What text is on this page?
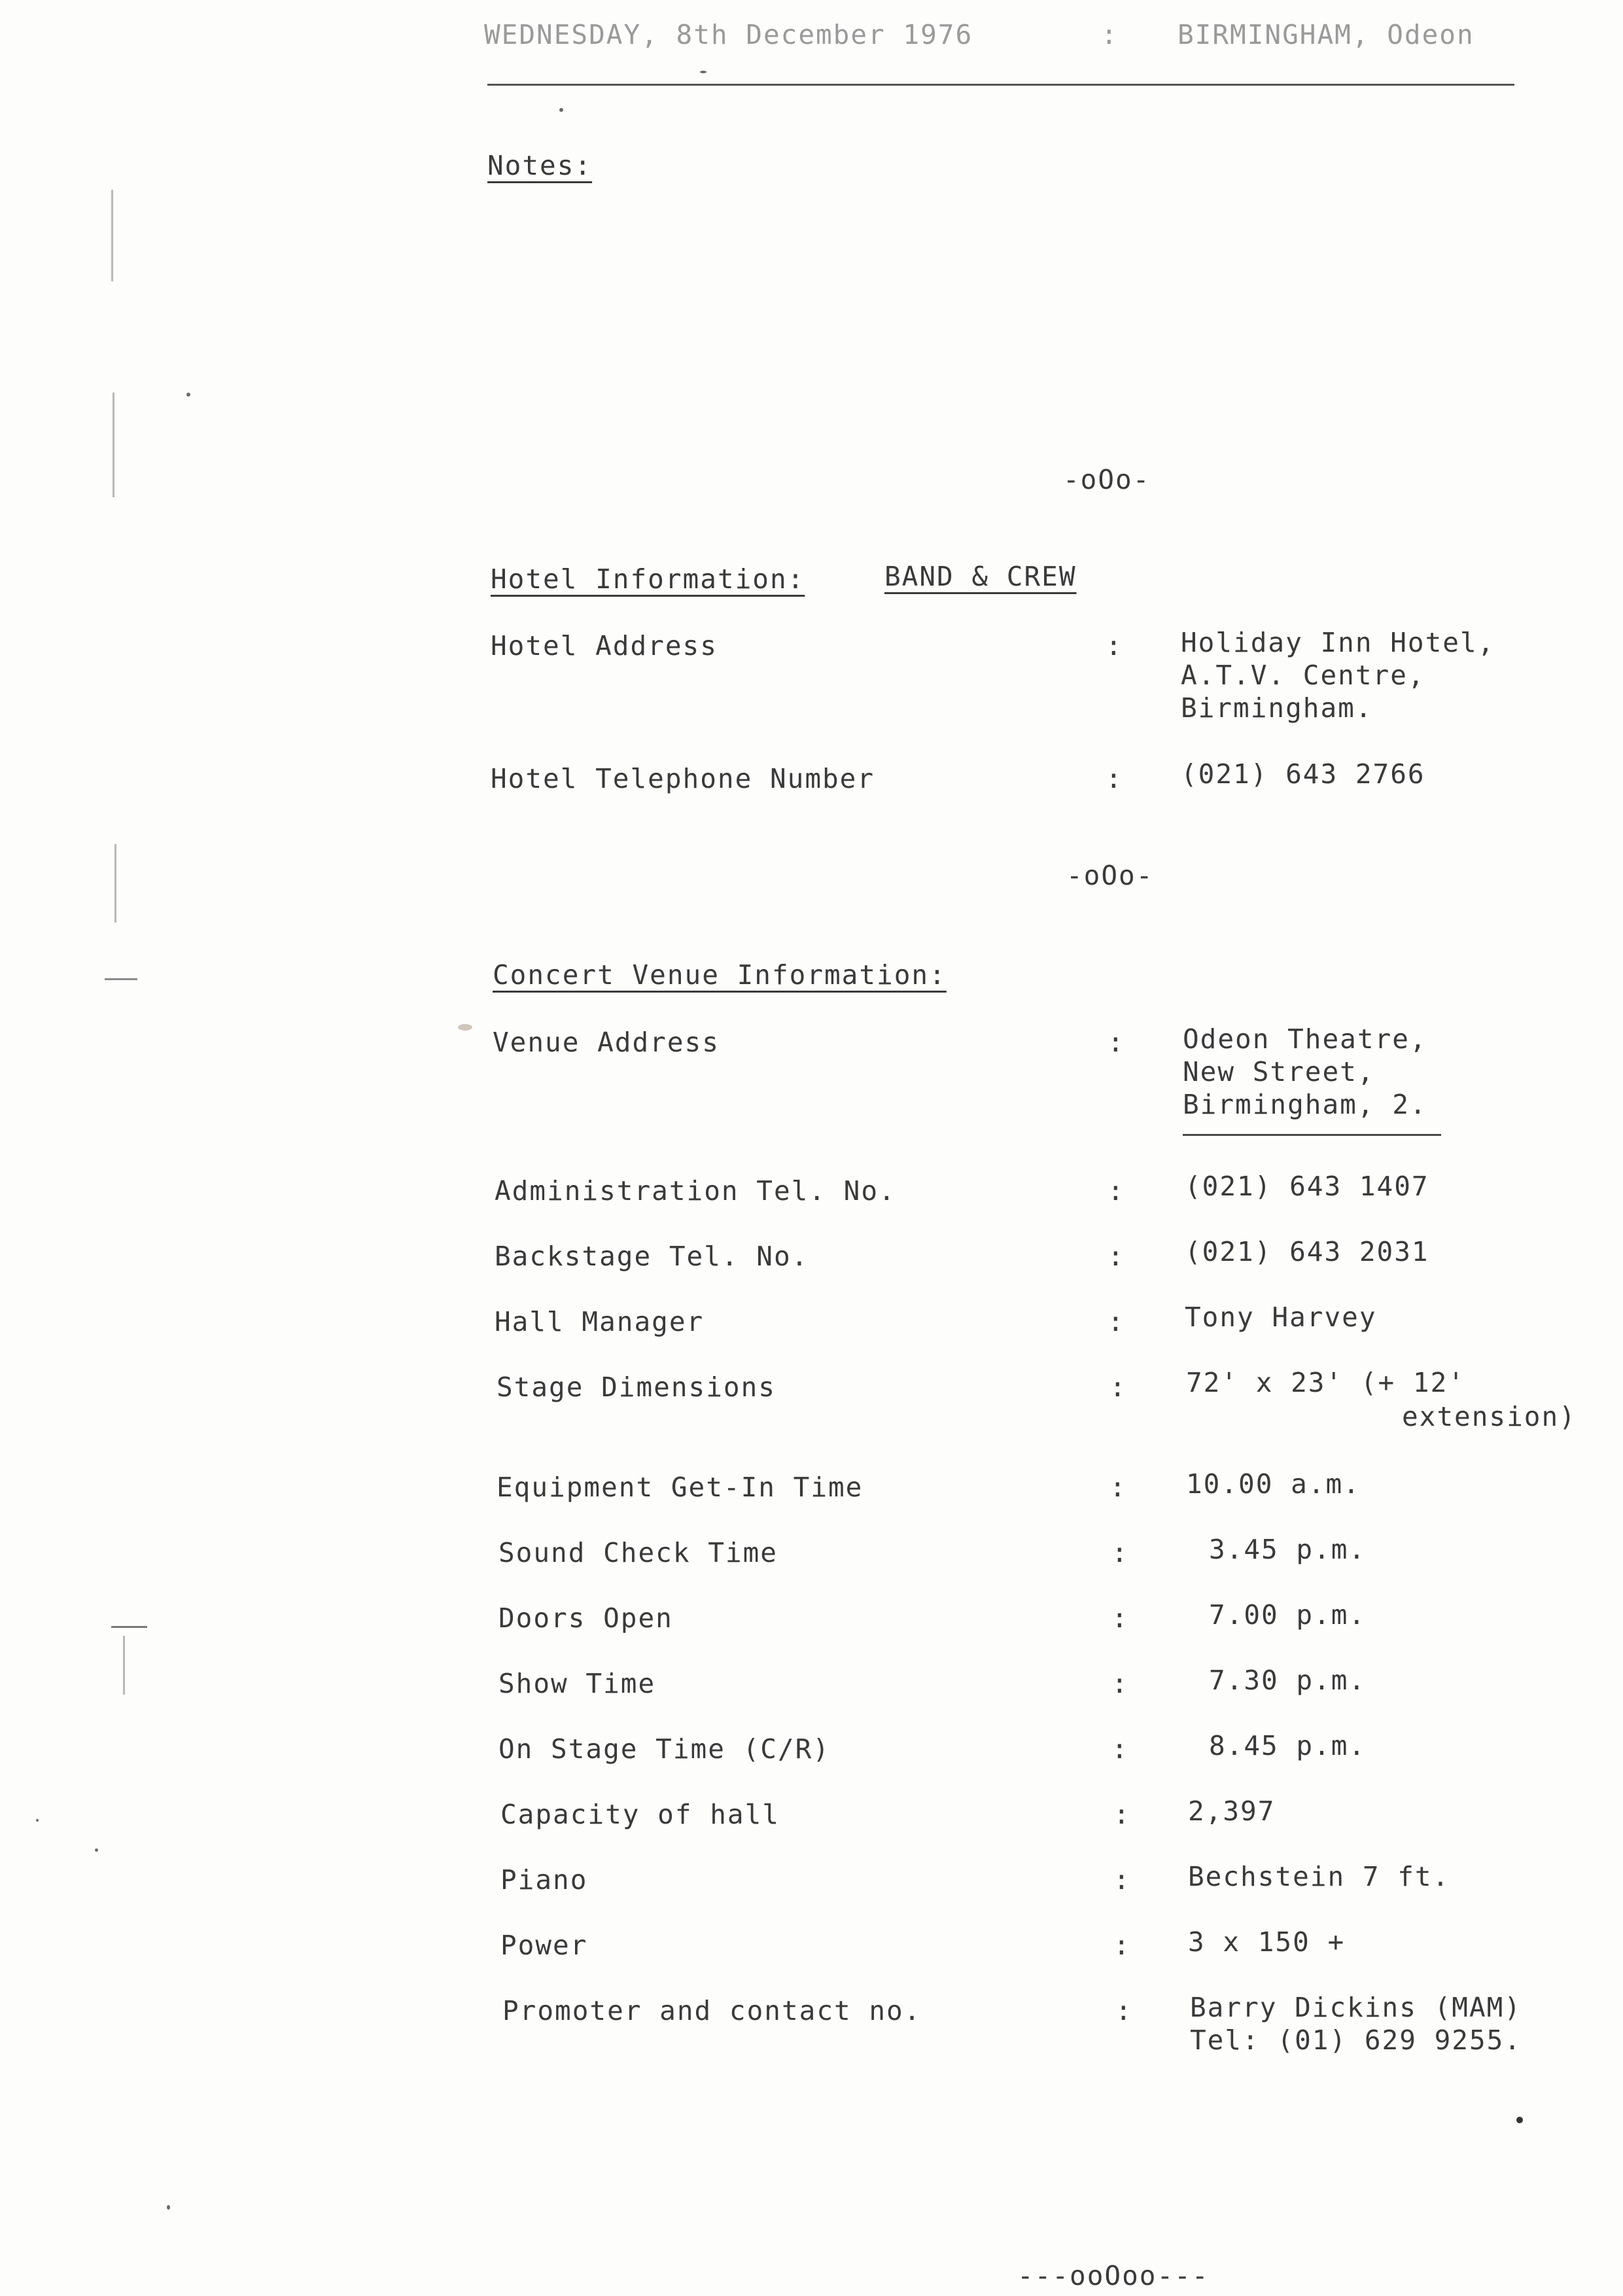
WEDNESDAY, 8th December 1976	: BIRMINGHAM, Odeon
Notes:
-oOo-
Hotel Information:	BAND & CREW
Hotel Address	: Holiday Inn Hotel,
A.T.V. Centre,
Birmingham.
Hotel Telephone Number	: (021) 643 2766
-oOo-
Concert Venue Information:
Venue Address	: Odeon Theatre,
New Street,
Birmingham, 2.
Administration Tel. No.	: (021) 643 1407
Backstage Tel. No.	: (021) 643 2031
Hall Manager	: Tony Harvey
Stage Dimensions	: 72' x 23' (+ 12'
extension)
Equipment Get-In Time	: 10.00 a.m.
Sound Check Time	:	3.45 p.m.
Doors Open	:	7.00 p.m.
Show Time	:	7.30 p.m.
On Stage Time (C/R)	:	8.45 p.m.
Capacity of hall	: 2,397
Piano	: Bechstein 7 ft.
Power	: 3 x 150 +
Promoter and contact no.	: Barry Dickins (MAM)
Tel: (01) 629 9255.
---ooOoo---
